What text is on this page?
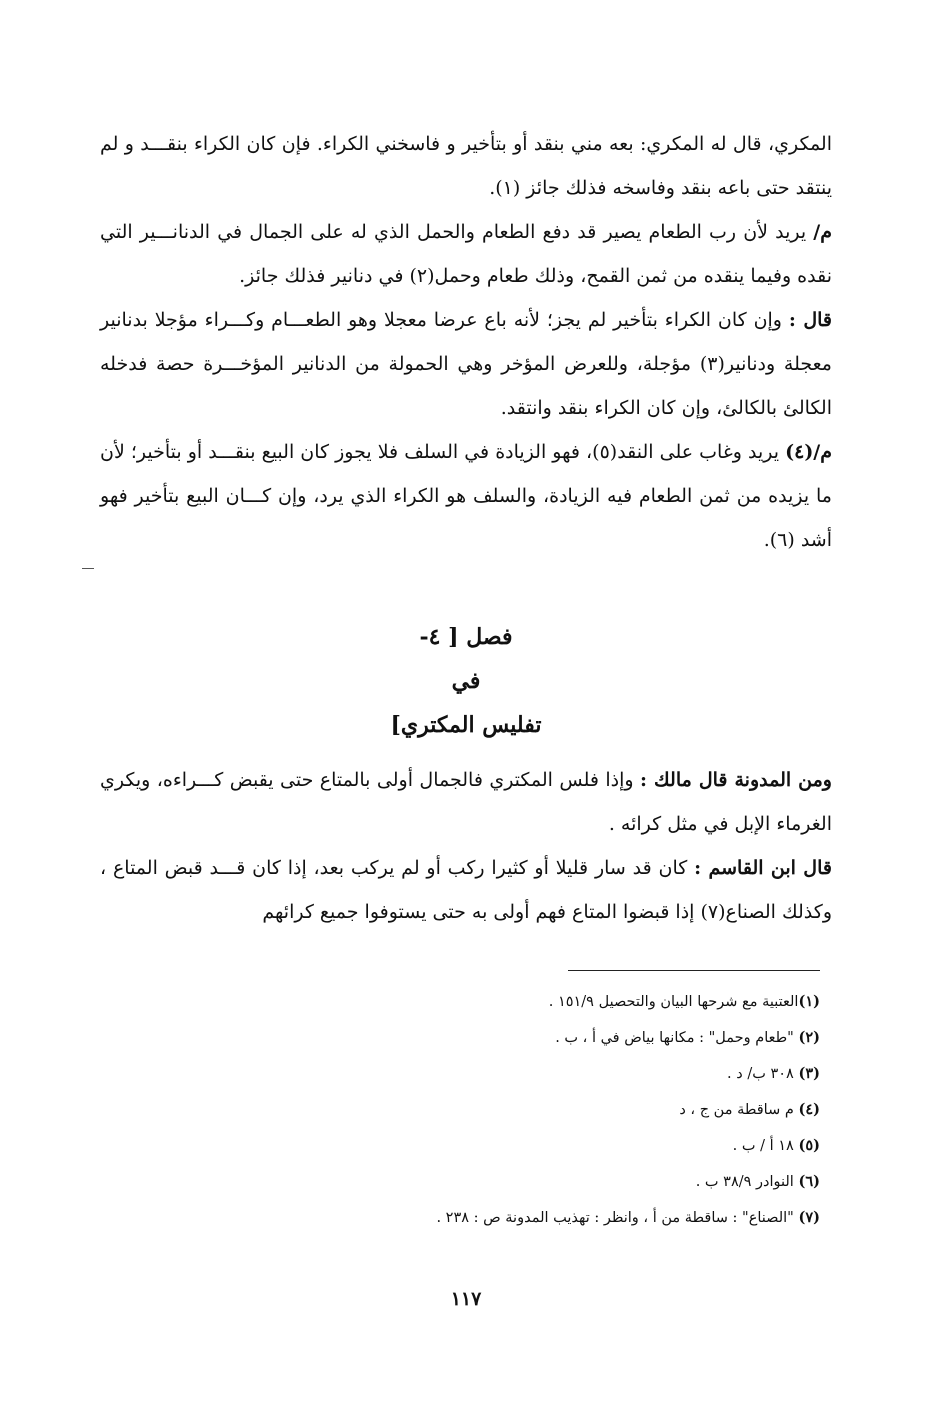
المكري، قال له المكري: بعه مني بنقد أو بتأخير و فاسخني الكراء. فإن كان الكراء بنقـــد و لم ينتقد حتى باعه بنقد وفاسخه فذلك جائز (١).

م/ يريد لأن رب الطعام يصير قد دفع الطعام والحمل الذي له على الجمال في الدنانـــير التي نقده وفيما ينقده من ثمن القمح، وذلك طعام وحمل(٢) في دنانير فذلك جائز.

قال : وإن كان الكراء بتأخير لم يجز؛ لأنه باع عرضا معجلا وهو الطعـــام وكـــراء مؤجلا بدنانير معجلة ودنانير(٣) مؤجلة، وللعرض المؤخر وهي الحمولة من الدنانير المؤخـــرة حصة فدخله الكالئ بالكالئ، وإن كان الكراء بنقد وانتقد.

م/(٤) يريد وغاب على النقد(٥)، فهو الزيادة في السلف فلا يجوز كان البيع بنقـــد أو بتأخير؛ لأن ما يزيده من ثمن الطعام فيه الزيادة، والسلف هو الكراء الذي يرد، وإن كـــان البيع بتأخير فهو أشد (٦).

فصل [ ٤-
في
تفليس المكتري]

ومن المدونة قال مالك : وإذا فلس المكتري فالجمال أولى بالمتاع حتى يقبض كـــراءه، ويكري الغرماء الإبل في مثل كرائه .

قال ابن القاسم : كان قد سار قليلا أو كثيرا ركب أو لم يركب بعد، إذا كان قـــد قبض المتاع ، وكذلك الصناع(٧) إذا قبضوا المتاع فهم أولى به حتى يستوفوا جميع كرائهم

(١)العتبية مع شرحها البيان والتحصيل ١٥١/٩ .
(٢) "طعام وحمل" : مكانها بياض في أ ، ب .
(٣) ٣٠٨ ب/ د .
(٤) م ساقطة من ج ، د
(٥) ١٨ أ / ب .
(٦) النوادر ٣٨/٩ ب .
(٧) "الصناع" : ساقطة من أ ، وانظر : تهذيب المدونة ص : ٢٣٨ .
١١٧
